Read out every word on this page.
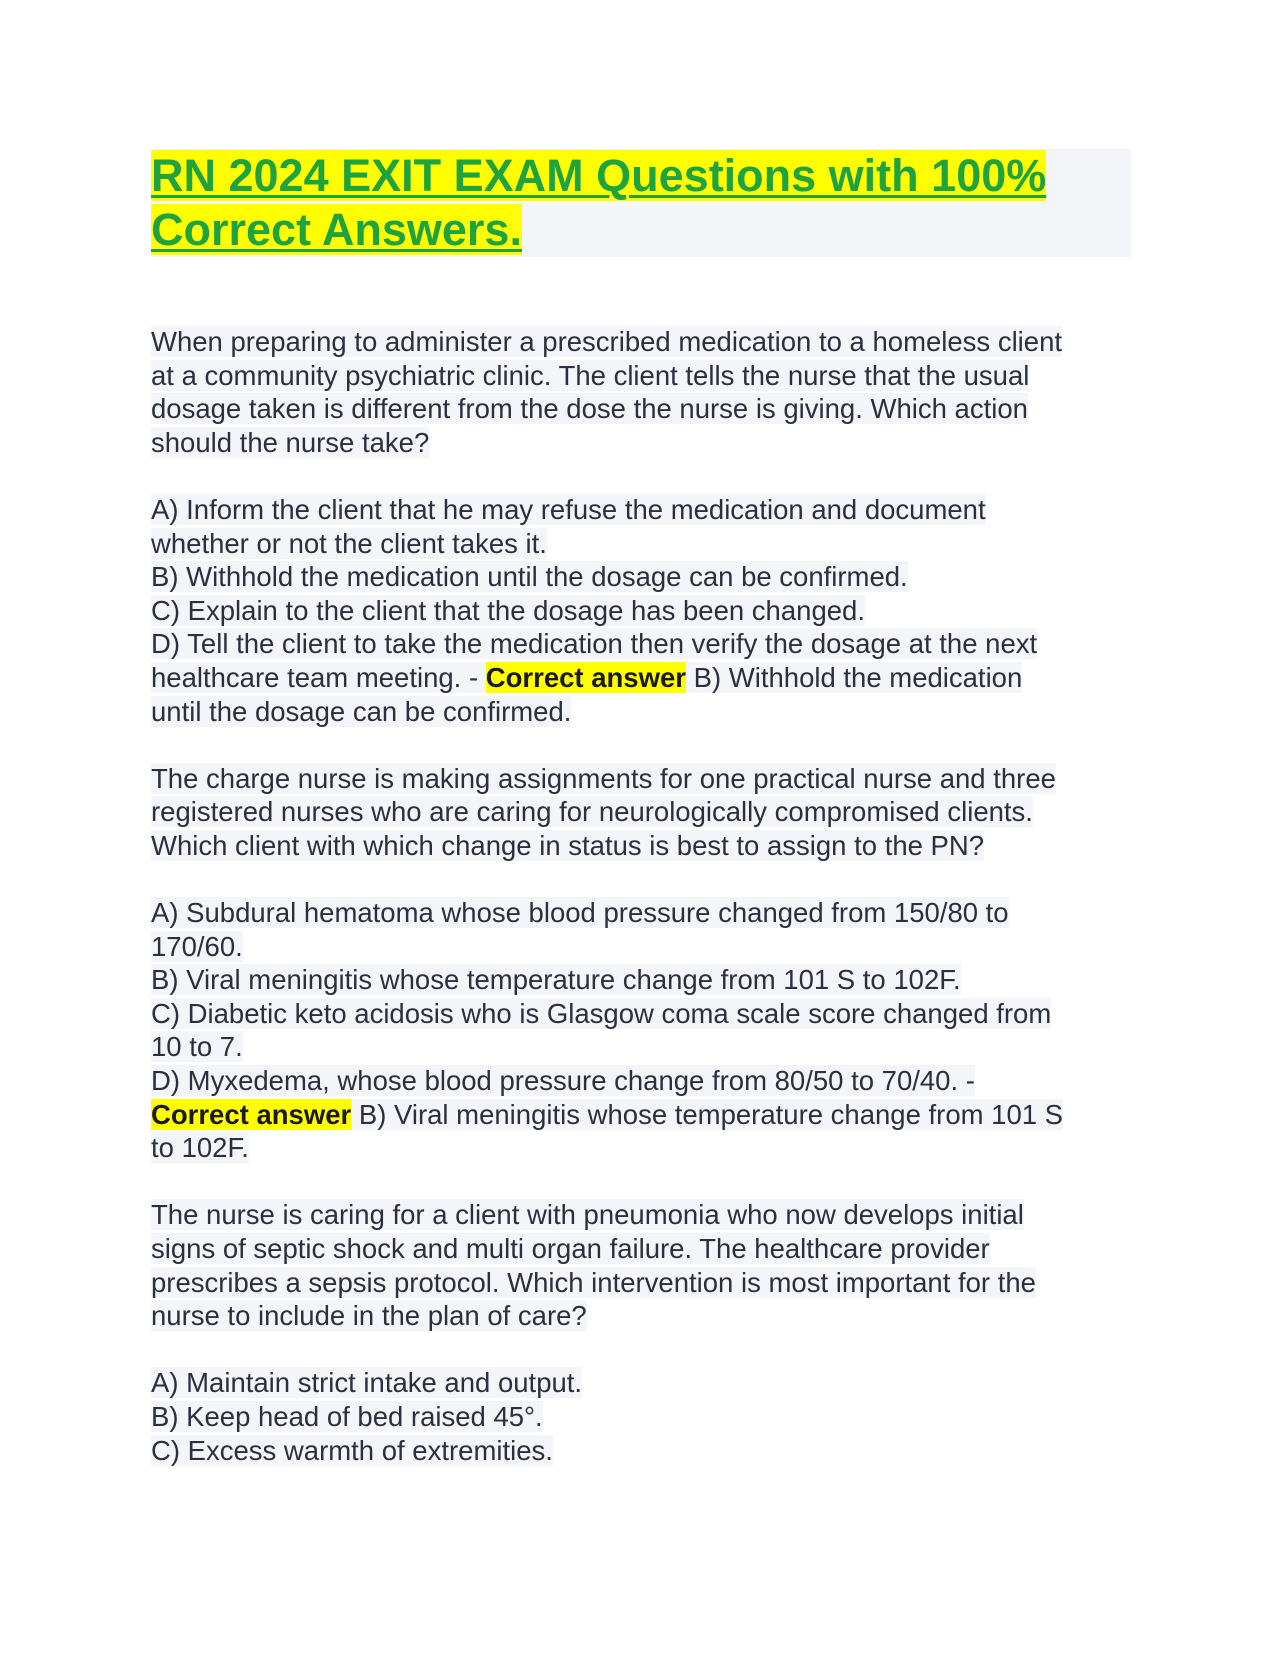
RN 2024 EXIT EXAM Questions with 100%
Correct Answers.

When preparing to administer a prescribed medication to a homeless client
at a community psychiatric clinic. The client tells the nurse that the usual
dosage taken is different from the dose the nurse is giving. Which action
should the nurse take?

A) Inform the client that he may refuse the medication and document
whether or not the client takes it.
B) Withhold the medication until the dosage can be confirmed.
C) Explain to the client that the dosage has been changed.
D) Tell the client to take the medication then verify the dosage at the next
healthcare team meeting. - Correct answer B) Withhold the medication
until the dosage can be confirmed.

The charge nurse is making assignments for one practical nurse and three
registered nurses who are caring for neurologically compromised clients.
Which client with which change in status is best to assign to the PN?

A) Subdural hematoma whose blood pressure changed from 150/80 to
170/60.
B) Viral meningitis whose temperature change from 101 S to 102F.
C) Diabetic keto acidosis who is Glasgow coma scale score changed from
10 to 7.
D) Myxedema, whose blood pressure change from 80/50 to 70/40. -
Correct answer B) Viral meningitis whose temperature change from 101 S
to 102F.

The nurse is caring for a client with pneumonia who now develops initial
signs of septic shock and multi organ failure. The healthcare provider
prescribes a sepsis protocol. Which intervention is most important for the
nurse to include in the plan of care?

A) Maintain strict intake and output.
B) Keep head of bed raised 45°.
C) Excess warmth of extremities.
